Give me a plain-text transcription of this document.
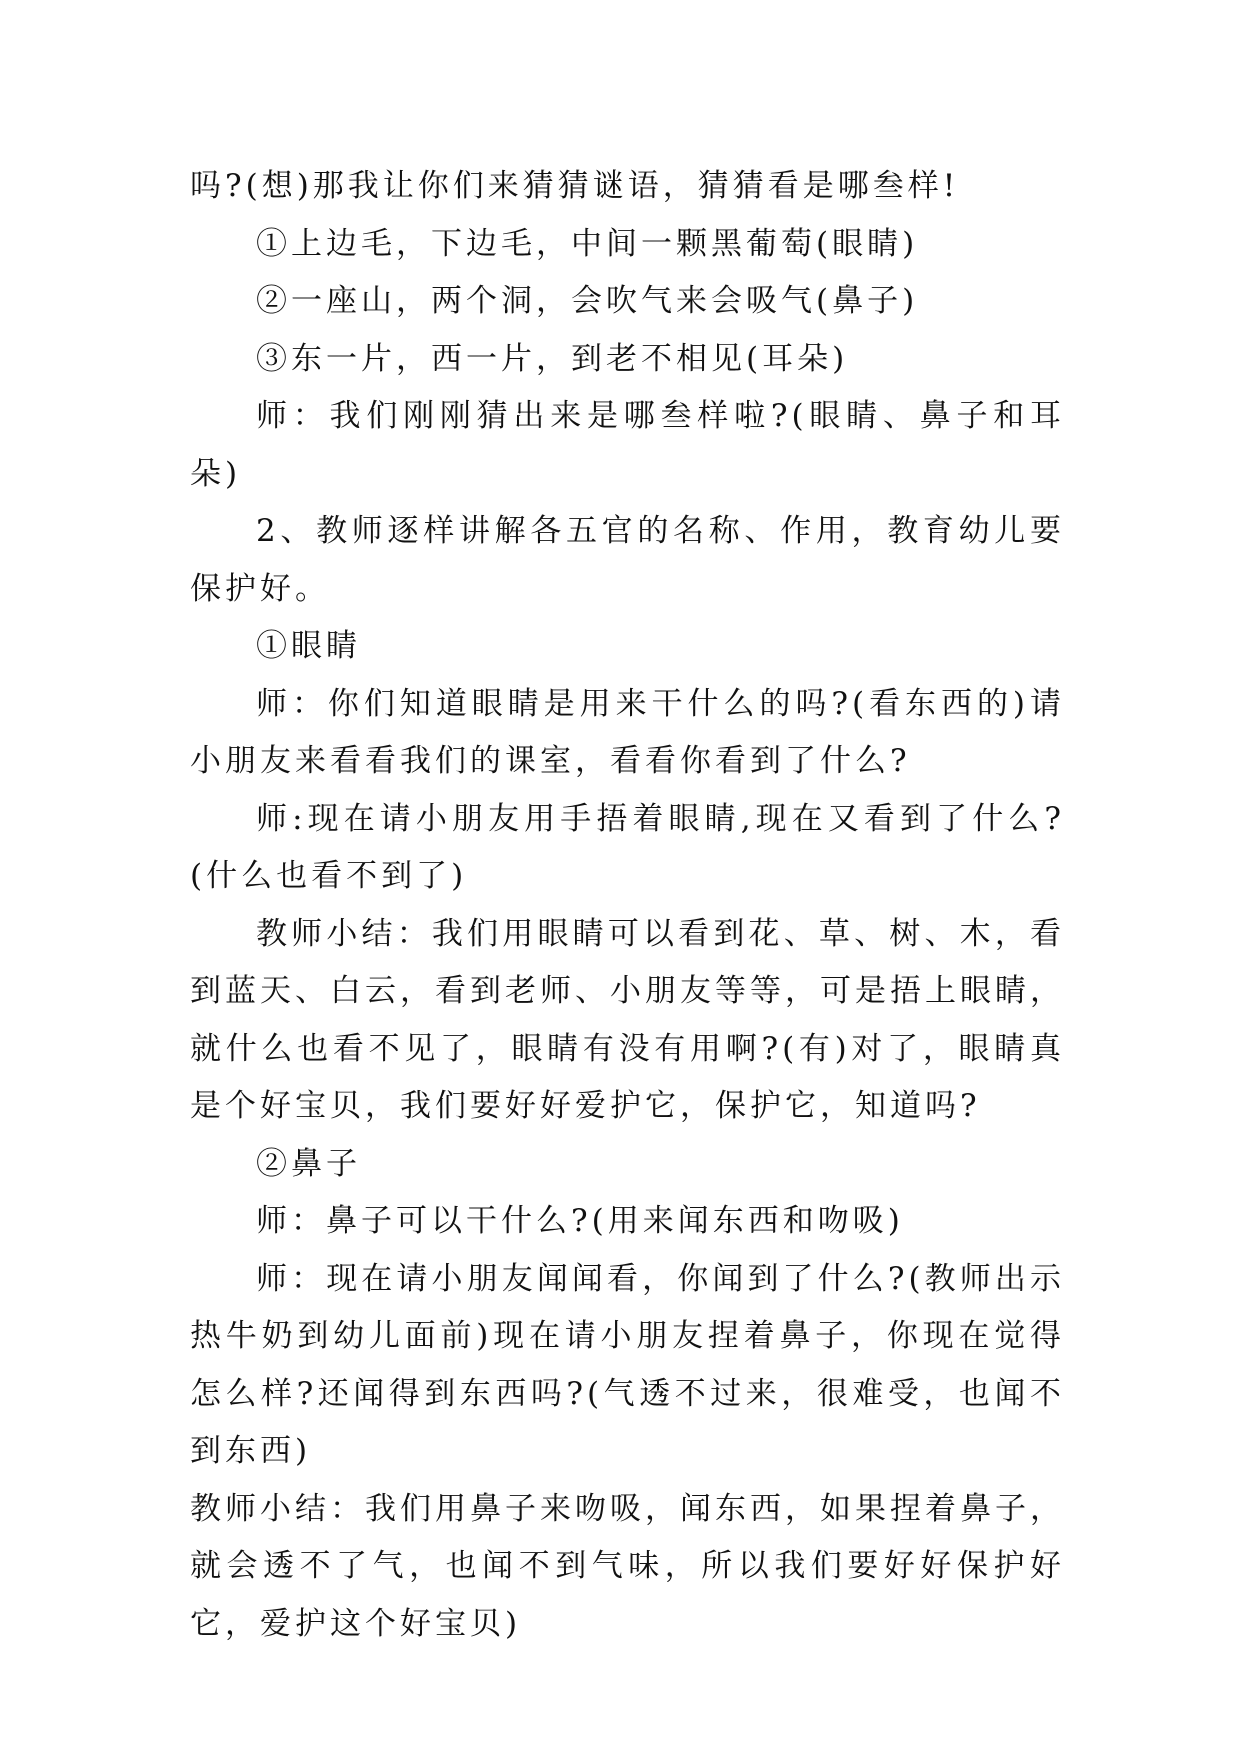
吗?(想)那我让你们来猜猜谜语，猜猜看是哪叁样!

①上边毛，下边毛，中间一颗黑葡萄(眼睛)

②一座山，两个洞，会吹气来会吸气(鼻子)

③东一片，西一片，到老不相见(耳朵)

师：我们刚刚猜出来是哪叁样啦?(眼睛、鼻子和耳朵)

2、教师逐样讲解各五官的名称、作用，教育幼儿要保护好。

①眼睛

师：你们知道眼睛是用来干什么的吗?(看东西的)请小朋友来看看我们的课室，看看你看到了什么?

师:现在请小朋友用手捂着眼睛,现在又看到了什么?(什么也看不到了)

教师小结：我们用眼睛可以看到花、草、树、木，看到蓝天、白云，看到老师、小朋友等等，可是捂上眼睛，就什么也看不见了，眼睛有没有用啊?(有)对了，眼睛真是个好宝贝，我们要好好爱护它，保护它，知道吗?

②鼻子

师：鼻子可以干什么?(用来闻东西和吻吸)

师：现在请小朋友闻闻看，你闻到了什么?(教师出示热牛奶到幼儿面前)现在请小朋友捏着鼻子，你现在觉得怎么样?还闻得到东西吗?(气透不过来，很难受，也闻不到东西)

教师小结：我们用鼻子来吻吸，闻东西，如果捏着鼻子，就会透不了气，也闻不到气味，所以我们要好好保护好它，爱护这个好宝贝)
